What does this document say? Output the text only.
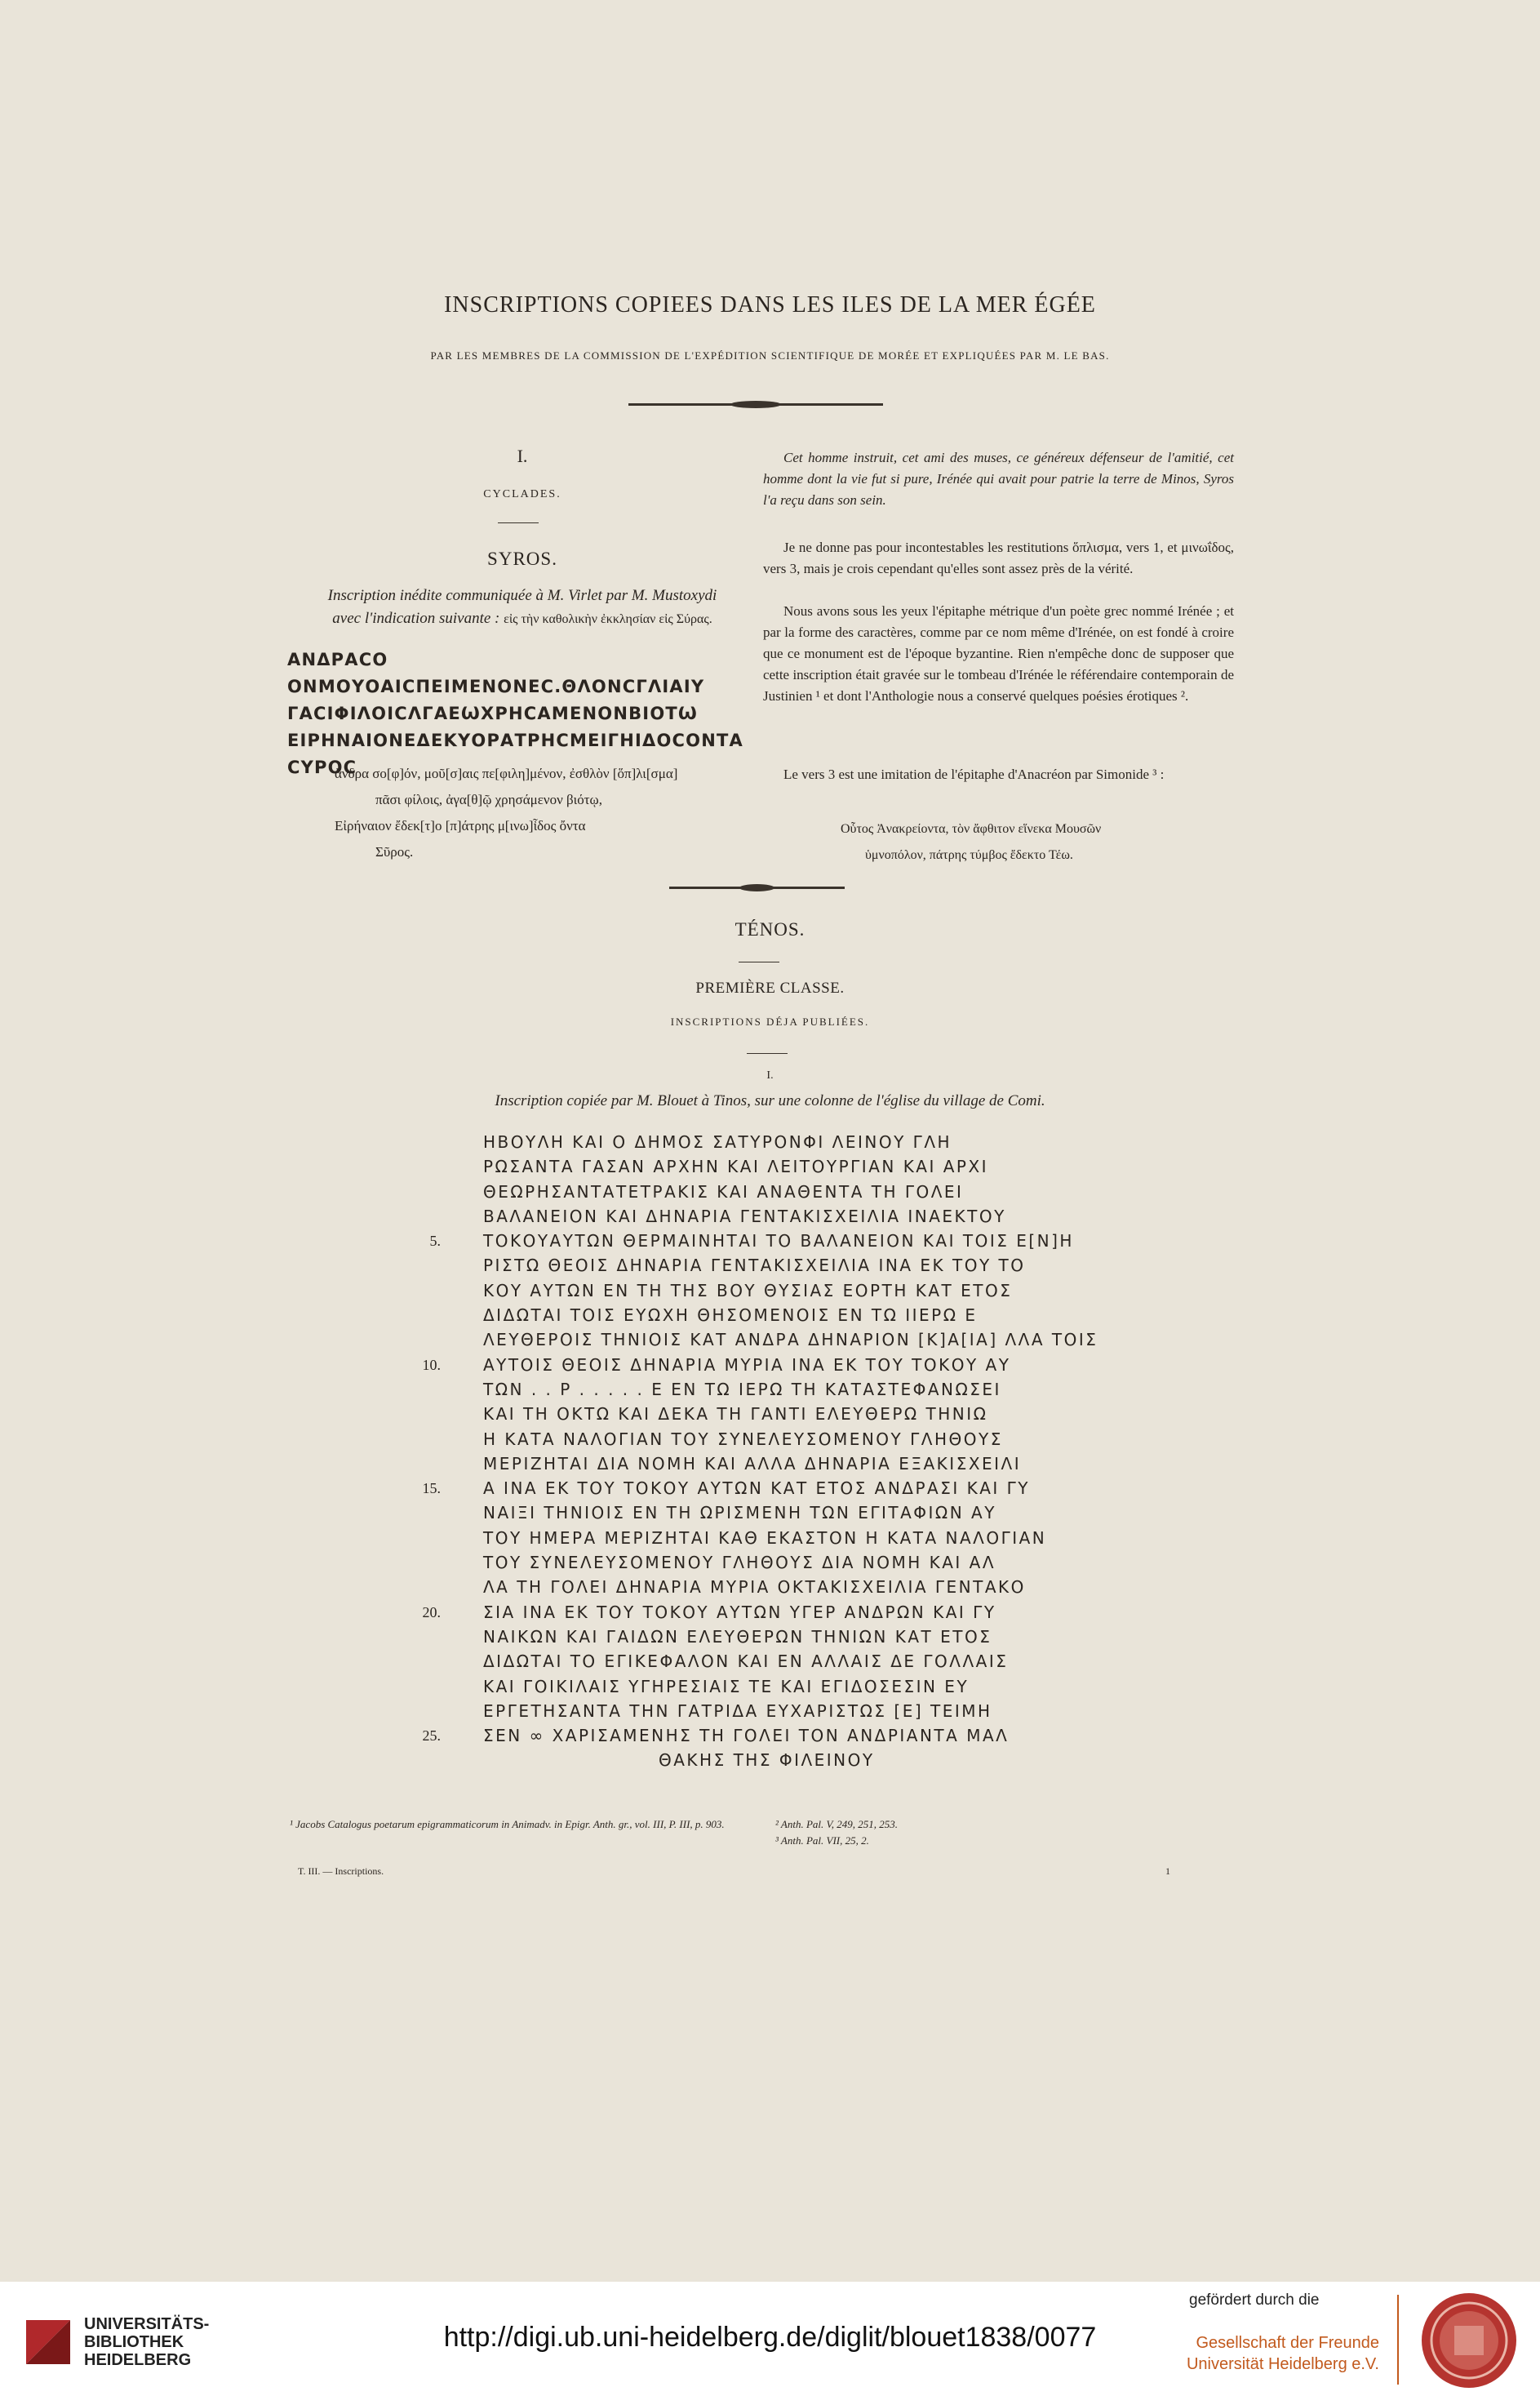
INSCRIPTIONS COPIEES DANS LES ILES DE LA MER ÉGÉE
PAR LES MEMBRES DE LA COMMISSION DE L'EXPÉDITION SCIENTIFIQUE DE MORÉE ET EXPLIQUÉES PAR M. LE BAS.
I.
CYCLADES.
SYROS.
Inscription inédite communiquée à M. Virlet par M. Mustoxydi
avec l'indication suivante : εἰς τὴν καθολικὴν ἐκκλησίαν εἰς Σύρας.
ΑΝΔΡΑϹΟ ΟΝΜΟΥΟΑΙϹΠΕΙΜΕΝΟΝΕϹ.ΘΛΟΝϹΓΛΙΑΙΥ
ΓΑϹΙΦΙΛΟΙϹΛΓΑΕѠΧΡΗϹΑΜΕΝΟΝΒΙΟΤѠ
ΕΙΡΗΝΑΙΟΝΕΔΕΚΥΟΡΑΤΡΗϹΜΕΙΓΗΙΔΟϹΟΝΤΑ
ϹΥΡΟϹ
ἄνδρα σο[φ]όν, μοῦ[σ]αις πε[φιλη]μένον, ἐσθλὸν [ὅπ]λι[σμα]
πᾶσι φίλοις, ἀγα[θ]ῷ χρησάμενον βιότῳ,
Εἰρήναιον ἔδεκ[τ]ο [π]άτρης μ[ινω]ἶδος ὄντα
Σῦρος.
Cet homme instruit, cet ami des muses, ce généreux défenseur de l'amitié, cet homme dont la vie fut si pure, Irénée qui avait pour patrie la terre de Minos, Syros l'a reçu dans son sein.
Je ne donne pas pour incontestables les restitutions ὅπλισμα, vers 1, et μινωΐδος, vers 3, mais je crois cependant qu'elles sont assez près de la vérité.
Nous avons sous les yeux l'épitaphe métrique d'un poète grec nommé Irénée ; et par la forme des caractères, comme par ce nom même d'Irénée, on est fondé à croire que ce monument est de l'époque byzantine. Rien n'empêche donc de supposer que cette inscription était gravée sur le tombeau d'Irénée le référendaire contemporain de Justinien ¹ et dont l'Anthologie nous a conservé quelques poésies érotiques ².
Le vers 3 est une imitation de l'épitaphe d'Anacréon par Simonide ³ :
Οὗτος Ἀνακρείοντα, τὸν ἄφθιτον εἵνεκα Μουσῶν
ὑμνοπόλον, πάτρης τύμβος ἔδεκτο Τέω.
TÉNOS.
PREMIÈRE CLASSE.
INSCRIPTIONS DÉJA PUBLIÉES.
I.
Inscription copiée par M. Blouet à Tinos, sur une colonne de l'église du village de Comi.
5.
10.
15.
20.
25.
ΗΒΟΥΛΗ ΚΑΙ Ο ΔΗΜΟΣ ΣΑΤΥΡΟΝΦΙ ΛΕΙΝΟΥ ΓΛΗ
ΡΩΣΑΝΤΑ ΓΑΣΑΝ ΑΡΧΗΝ ΚΑΙ ΛΕΙΤΟΥΡΓΙΑΝ ΚΑΙ ΑΡΧΙ
ΘΕΩΡΗΣΑΝΤΑΤΕΤΡΑΚΙΣ ΚΑΙ ΑΝΑΘΕΝΤΑ ΤΗ ΓΟΛΕΙ
ΒΑΛΑΝΕΙΟΝ ΚΑΙ ΔΗΝΑΡΙΑ ΓΕΝΤΑΚΙΣΧΕΙΛΙΑ ΙΝΑΕΚΤΟΥ
ΤΟΚΟΥΑΥΤΩΝ ΘΕΡΜΑΙΝΗΤΑΙ ΤΟ ΒΑΛΑΝΕΙΟΝ ΚΑΙ ΤΟΙΣ Ε[Ν]Η
ΡΙΣΤΩ ΘΕΟΙΣ ΔΗΝΑΡΙΑ ΓΕΝΤΑΚΙΣΧΕΙΛΙΑ ΙΝΑ ΕΚ ΤΟΥ ΤΟ
ΚΟΥ ΑΥΤΩΝ ΕΝ ΤΗ ΤΗΣ ΒΟΥ ΘΥΣΙΑΣ ΕΟΡΤΗ ΚΑΤ ΕΤΟΣ
ΔΙΔΩΤΑΙ ΤΟΙΣ ΕΥΩΧΗ ΘΗΣΟΜΕΝΟΙΣ ΕΝ ΤΩ ΙΙΕΡΩ Ε
ΛΕΥΘΕΡΟΙΣ ΤΗΝΙΟΙΣ ΚΑΤ ΑΝΔΡΑ ΔΗΝΑΡΙΟΝ [Κ]Α[ΙΑ] ΛΛΑ ΤΟΙΣ
ΑΥΤΟΙΣ ΘΕΟΙΣ ΔΗΝΑΡΙΑ ΜΥΡΙΑ ΙΝΑ ΕΚ ΤΟΥ ΤΟΚΟΥ ΑΥ
ΤΩΝ . . Ρ . . . . . Ε ΕΝ ΤΩ ΙΕΡΩ ΤΗ ΚΑΤΑΣΤΕΦΑΝΩΣΕΙ
ΚΑΙ ΤΗ ΟΚΤΩ ΚΑΙ ΔΕΚΑ ΤΗ ΓΑΝΤΙ ΕΛΕΥΘΕΡΩ ΤΗΝΙΩ
Η ΚΑΤΑ ΝΑΛΟΓΙΑΝ ΤΟΥ ΣΥΝΕΛΕΥΣΟΜΕΝΟΥ ΓΛΗΘΟΥΣ
ΜΕΡΙΖΗΤΑΙ ΔΙΑ ΝΟΜΗ ΚΑΙ ΑΛΛΑ ΔΗΝΑΡΙΑ ΕΞΑΚΙΣΧΕΙΛΙ
Α ΙΝΑ ΕΚ ΤΟΥ ΤΟΚΟΥ ΑΥΤΩΝ ΚΑΤ ΕΤΟΣ ΑΝΔΡΑΣΙ ΚΑΙ ΓΥ
ΝΑΙΞΙ ΤΗΝΙΟΙΣ ΕΝ ΤΗ ΩΡΙΣΜΕΝΗ ΤΩΝ ΕΓΙΤΑΦΙΩΝ ΑΥ
ΤΟΥ ΗΜΕΡΑ ΜΕΡΙΖΗΤΑΙ ΚΑΘ ΕΚΑΣΤΟΝ Η ΚΑΤΑ ΝΑΛΟΓΙΑΝ
ΤΟΥ ΣΥΝΕΛΕΥΣΟΜΕΝΟΥ ΓΛΗΘΟΥΣ ΔΙΑ ΝΟΜΗ ΚΑΙ ΑΛ
ΛΑ ΤΗ ΓΟΛΕΙ ΔΗΝΑΡΙΑ ΜΥΡΙΑ ΟΚΤΑΚΙΣΧΕΙΛΙΑ ΓΕΝΤΑΚΟ
ΣΙΑ ΙΝΑ ΕΚ ΤΟΥ ΤΟΚΟΥ ΑΥΤΩΝ ΥΓΕΡ ΑΝΔΡΩΝ ΚΑΙ ΓΥ
ΝΑΙΚΩΝ ΚΑΙ ΓΑΙΔΩΝ ΕΛΕΥΘΕΡΩΝ ΤΗΝΙΩΝ ΚΑΤ ΕΤΟΣ
ΔΙΔΩΤΑΙ ΤΟ ΕΓΙΚΕΦΑΛΟΝ ΚΑΙ ΕΝ ΑΛΛΑΙΣ ΔΕ ΓΟΛΛΑΙΣ
ΚΑΙ ΓΟΙΚΙΛΑΙΣ ΥΓΗΡΕΣΙΑΙΣ ΤΕ ΚΑΙ ΕΓΙΔΟΣΕΣΙΝ ΕΥ
ΕΡΓΕΤΗΣΑΝΤΑ ΤΗΝ ΓΑΤΡΙΔΑ ΕΥΧΑΡΙΣΤΩΣ [Ε] ΤΕΙΜΗ
ΣΕΝ ∞ ΧΑΡΙΣΑΜΕΝΗΣ ΤΗ ΓΟΛΕΙ ΤΟΝ ΑΝΔΡΙΑΝΤΑ ΜΑΛ
ΘΑΚΗΣ ΤΗΣ ΦΙΛΕΙΝΟΥ
¹ Jacobs Catalogus poetarum epigrammaticorum in Animadv. in Epigr. Anth. gr., vol. III, P. III, p. 903.	² Anth. Pal. V, 249, 251, 253.
³ Anth. Pal. VII, 25, 2.
T. III. — Inscriptions.	1
UNIVERSITÄTS-BIBLIOTHEK HEIDELBERG
http://digi.ub.uni-heidelberg.de/diglit/blouet1838/0077
gefördert durch die
Gesellschaft der Freunde Universität Heidelberg e.V.
